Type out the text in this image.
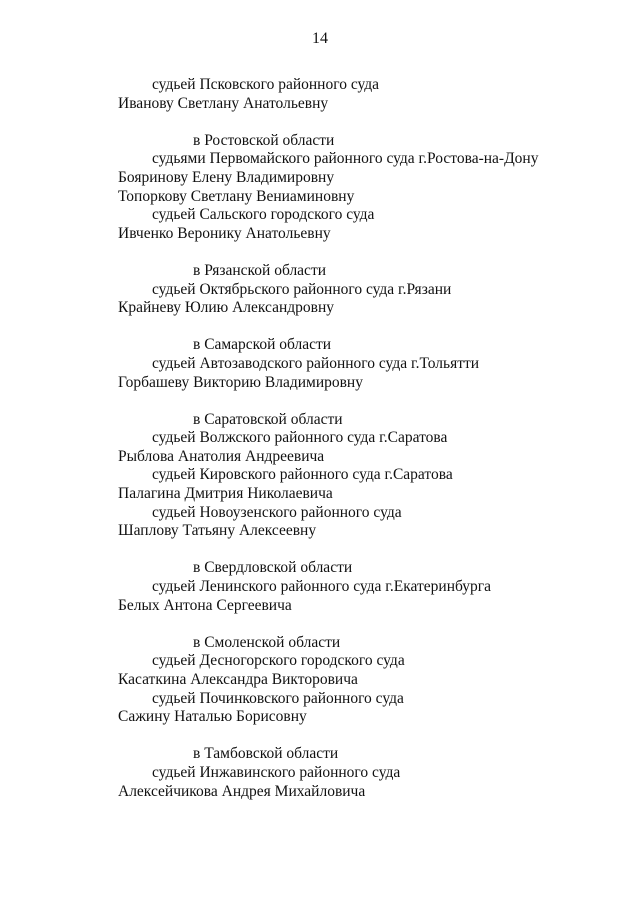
14
судьей Псковского районного суда
Иванову Светлану Анатольевну
в Ростовской области
судьями Первомайского районного суда г.Ростова-на-Дону
Бояринову Елену Владимировну
Топоркову Светлану Вениаминовну
судьей Сальского городского суда
Ивченко Веронику Анатольевну
в Рязанской области
судьей Октябрьского районного суда г.Рязани
Крайневу Юлию Александровну
в Самарской области
судьей Автозаводского районного суда г.Тольятти
Горбашеву Викторию Владимировну
в Саратовской области
судьей Волжского районного суда г.Саратова
Рыблова Анатолия Андреевича
судьей Кировского районного суда г.Саратова
Палагина Дмитрия Николаевича
судьей Новоузенского районного суда
Шаплову Татьяну Алексеевну
в Свердловской области
судьей Ленинского районного суда г.Екатеринбурга
Белых Антона Сергеевича
в Смоленской области
судьей Десногорского городского суда
Касаткина Александра Викторовича
судьей Починковского районного суда
Сажину Наталью Борисовну
в Тамбовской области
судьей Инжавинского районного суда
Алексейчикова Андрея Михайловича
